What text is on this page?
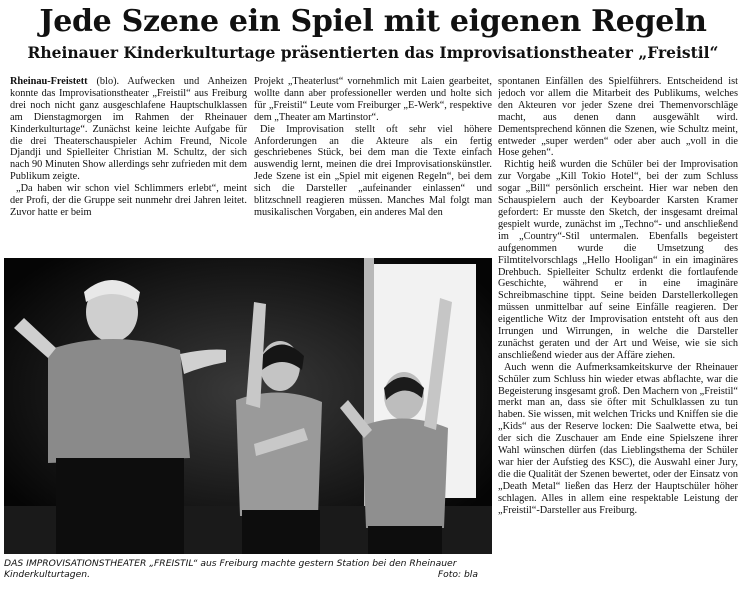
Jede Szene ein Spiel mit eigenen Regeln
Rheinauer Kinderkulturtage präsentierten das Improvisationstheater „Freistil“

Rheinau-Freistett (blo). Aufwecken und Anheizen konnte das Improvisationstheater „Freistil“ aus Freiburg drei noch nicht ganz ausgeschlafene Hauptschulklassen am Dienstagmorgen im Rahmen der Rheinauer Kinderkulturtage“. Zunächst keine leichte Aufgabe für die drei Theaterschauspieler Achim Freund, Nicole Djandji und Spielleiter Christian M. Schultz, der sich nach 90 Minuten Show allerdings sehr zufrieden mit dem Publikum zeigte.

„Da haben wir schon viel Schlimmers erlebt“, meint der Profi, der die Gruppe seit nunmehr drei Jahren leitet. Zuvor hatte er beim

Projekt „Theaterlust“ vornehmlich mit Laien gearbeitet, wollte dann aber professioneller werden und holte sich für „Freistil“ Leute vom Freiburger „E-Werk“, respektive dem „Theater am Martinstor“.

Die Improvisation stellt oft sehr viel höhere Anforderungen an die Akteure als ein fertig geschriebenes Stück, bei dem man die Texte einfach auswendig lernt, meinen die drei Improvisationskünstler. Jede Szene ist ein „Spiel mit eigenen Regeln“, bei dem sich die Darsteller „aufeinander einlassen“ und blitzschnell reagieren müssen. Manches Mal folgt man musikalischen Vorgaben, ein anderes Mal den

spontanen Einfällen des Spielführers. Entscheidend ist jedoch vor allem die Mitarbeit des Publikums, welches den Akteuren vor jeder Szene drei Themenvorschläge macht, aus denen dann ausgewählt wird. Dementsprechend können die Szenen, wie Schultz meint, entweder „super werden“ oder aber auch „voll in die Hose gehen“.

Richtig heiß wurden die Schüler bei der Improvisation zur Vorgabe „Kill Tokio Hotel“, bei der zum Schluss sogar „Bill“ persönlich erscheint. Hier war neben den Schauspielern auch der Keyboarder Karsten Kramer gefordert: Er musste den Sketch, der insgesamt dreimal gespielt wurde, zunächst im „Techno“- und anschließend im „Country“-Stil untermalen. Ebenfalls begeistert aufgenommen wurde die Umsetzung des Filmtitelvorschlags „Hello Hooligan“ in ein imaginäres Drehbuch. Spielleiter Schultz erdenkt die fortlaufende Geschichte, während er in eine imaginäre Schreibmaschine tippt. Seine beiden Darstellerkollegen müssen unmittelbar auf seine Einfälle reagieren. Der eigentliche Witz der Improvisation entsteht oft aus den Irrungen und Wirrungen, in welche die Darsteller zunächst geraten und der Art und Weise, wie sie sich anschließend wieder aus der Affäre ziehen.

Auch wenn die Aufmerksamkeitskurve der Rheinauer Schüler zum Schluss hin wieder etwas abflachte, war die Begeisterung insgesamt groß. Den Machern von „Freistil“ merkt man an, dass sie öfter mit Schulklassen zu tun haben. Sie wissen, mit welchen Tricks und Kniffen sie die „Kids“ aus der Reserve locken: Die Saalwette etwa, bei der sich die Zuschauer am Ende eine Spielszene ihrer Wahl wünschen dürfen (das Lieblingsthema der Schüler war hier der Aufstieg des KSC), die Auswahl einer Jury, die die Qualität der Szenen bewertet, oder der Einsatz von „Death Metal“ ließen das Herz der Hauptschüler höher schlagen. Alles in allem eine respektable Leistung der „Freistil“-Darsteller aus Freiburg.

DAS IMPROVISATIONSTHEATER „FREISTIL“ aus Freiburg machte gestern Station bei den Rheinauer Kinderkulturtagen.	Foto: bla
